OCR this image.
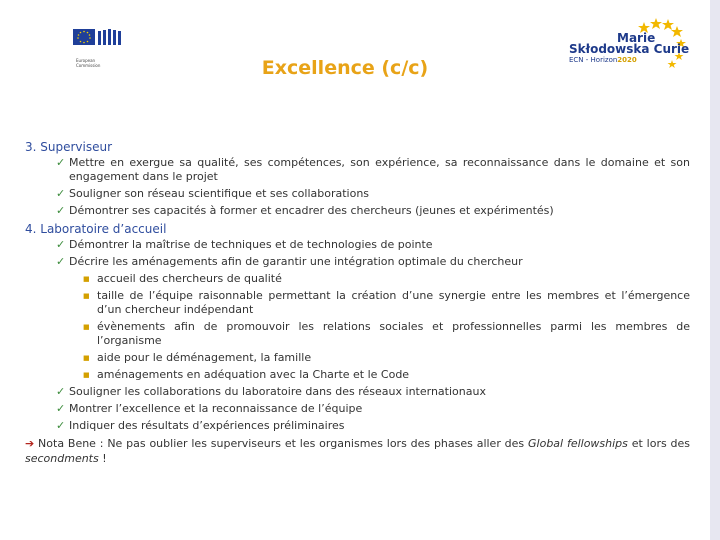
European
Commission
Marie
Skłodowska Curie
ECN - Horizon2020
Excellence (c/c)
3. Superviseur
✓ Mettre en exergue sa qualité, ses compétences, son expérience, sa reconnaissance dans le domaine et son engagement dans le projet
✓ Souligner son réseau scientifique et ses collaborations
✓ Démontrer ses capacités à former et encadrer des chercheurs (jeunes et expérimentés)
4. Laboratoire d’accueil
✓ Démontrer la maîtrise de techniques et de technologies de pointe
✓ Décrire les aménagements afin de garantir une intégration optimale du chercheur
■ accueil des chercheurs de qualité
■ taille de l’équipe raisonnable permettant la création d’une synergie entre les membres et l’émergence d’un chercheur indépendant
■ évènements afin de promouvoir les relations sociales et professionnelles parmi les membres de l’organisme
■ aide pour le déménagement, la famille
■ aménagements en adéquation avec la Charte et le Code
✓ Souligner les collaborations du laboratoire dans des réseaux internationaux
✓ Montrer l’excellence et la reconnaissance de l’équipe
✓ Indiquer des résultats d’expériences préliminaires
➔ Nota Bene : Ne pas oublier les superviseurs et les organismes lors des phases aller des Global fellowships et lors des secondments !
